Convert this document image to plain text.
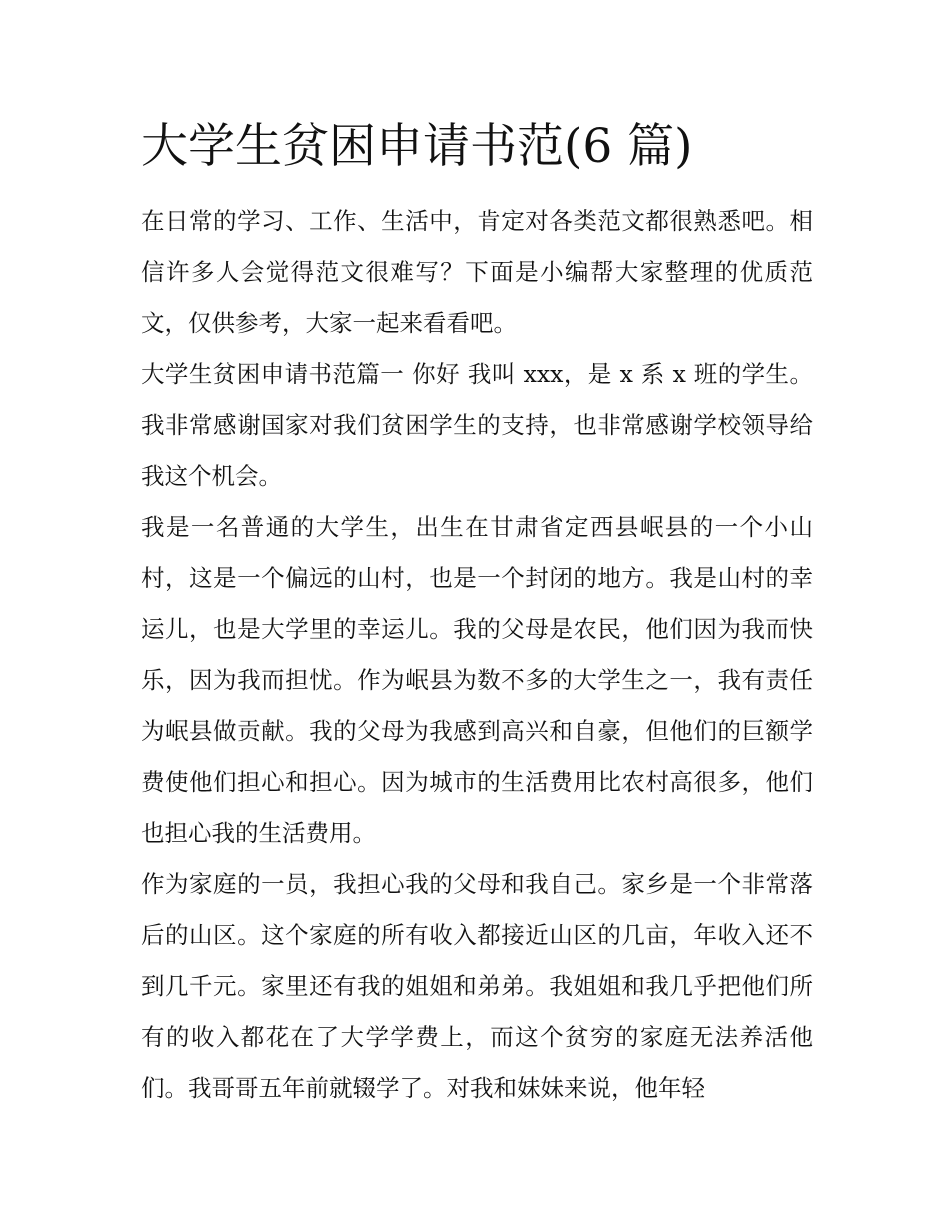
大学生贫困申请书范(6 篇)

在日常的学习、工作、生活中，肯定对各类范文都很熟悉吧。相信许多人会觉得范文很难写？下面是小编帮大家整理的优质范文，仅供参考，大家一起来看看吧。

大学生贫困申请书范篇一 你好 我叫 xxx，是 x 系 x 班的学生。我非常感谢国家对我们贫困学生的支持，也非常感谢学校领导给我这个机会。

我是一名普通的大学生，出生在甘肃省定西县岷县的一个小山村，这是一个偏远的山村，也是一个封闭的地方。我是山村的幸运儿，也是大学里的幸运儿。我的父母是农民，他们因为我而快乐，因为我而担忧。作为岷县为数不多的大学生之一，我有责任为岷县做贡献。我的父母为我感到高兴和自豪，但他们的巨额学费使他们担心和担心。因为城市的生活费用比农村高很多，他们也担心我的生活费用。

作为家庭的一员，我担心我的父母和我自己。家乡是一个非常落后的山区。这个家庭的所有收入都接近山区的几亩，年收入还不到几千元。家里还有我的姐姐和弟弟。我姐姐和我几乎把他们所有的收入都花在了大学学费上，而这个贫穷的家庭无法养活他们。我哥哥五年前就辍学了。对我和妹妹来说，他年轻
